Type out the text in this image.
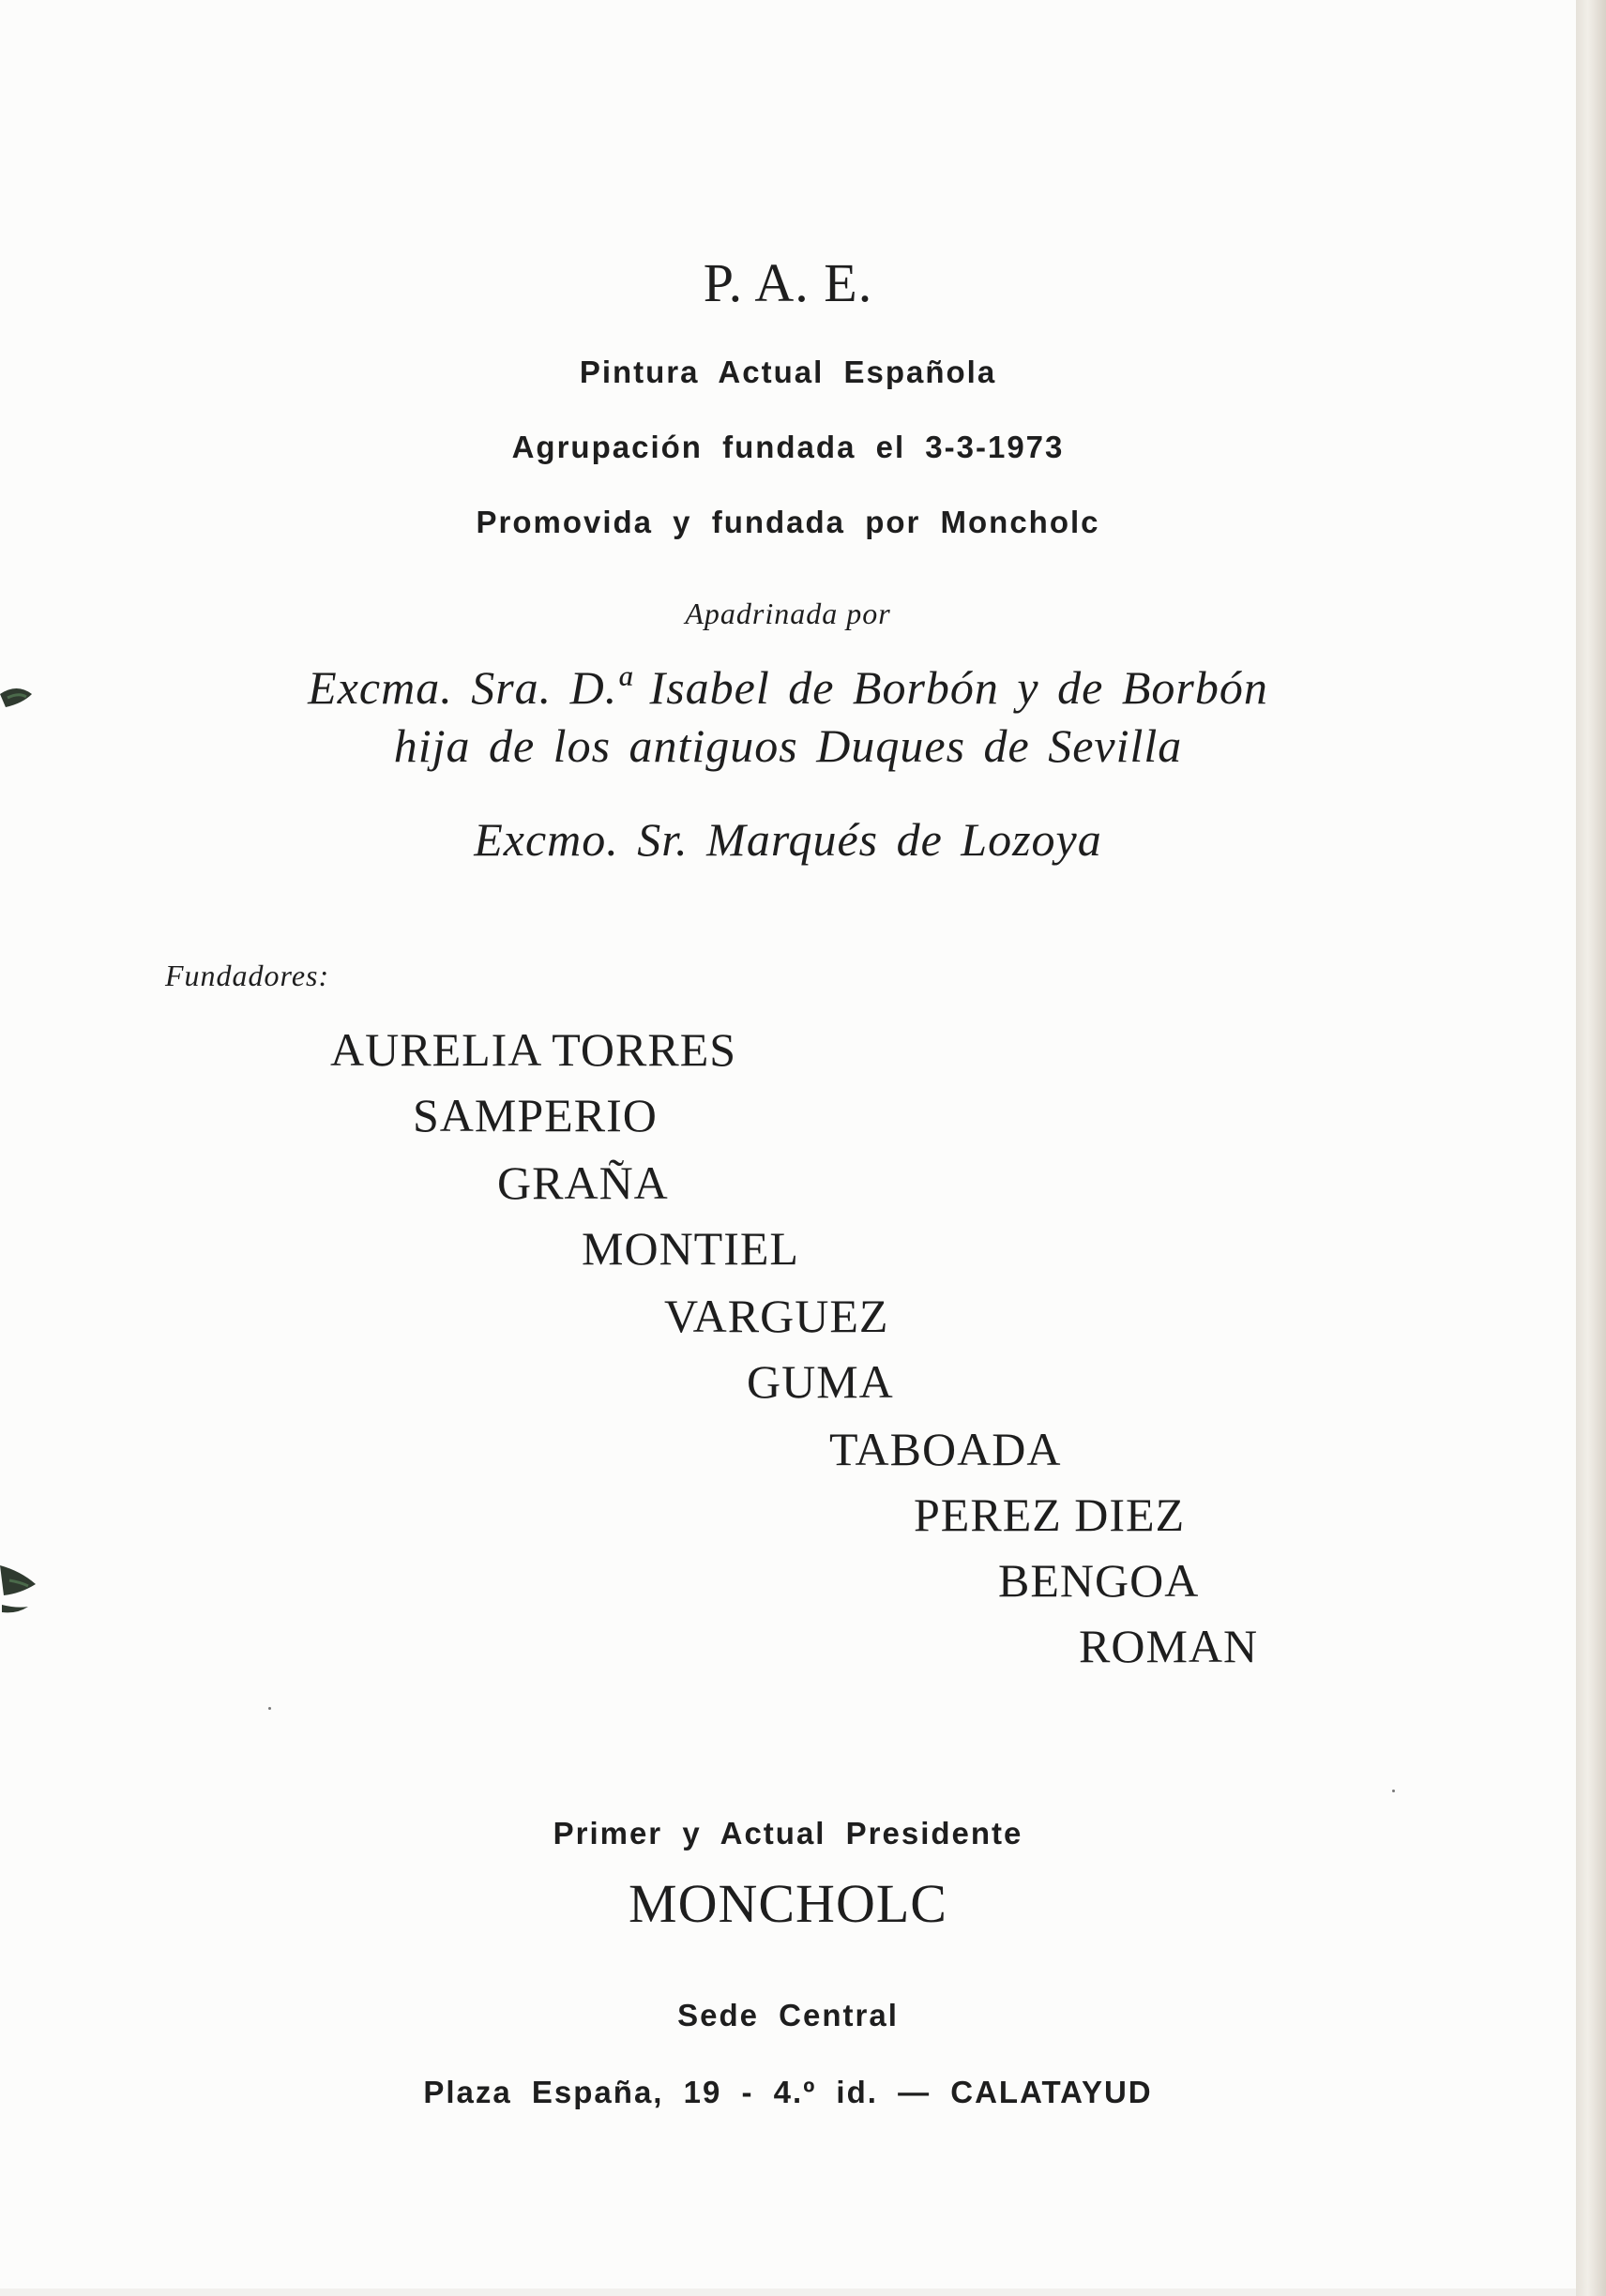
P. A. E.
Pintura Actual Española
Agrupación fundada el 3-3-1973
Promovida y fundada por Moncholc
Apadrinada por
Excma. Sra. D.ª Isabel de Borbón y de Borbón
hija de los antiguos Duques de Sevilla
Excmo. Sr. Marqués de Lozoya
Fundadores:
AURELIA TORRES
SAMPERIO
GRAÑA
MONTIEL
VARGUEZ
GUMA
TABOADA
PEREZ DIEZ
BENGOA
ROMAN
Primer y Actual Presidente
MONCHOLC
Sede Central
Plaza España, 19 - 4.º id. — CALATAYUD
